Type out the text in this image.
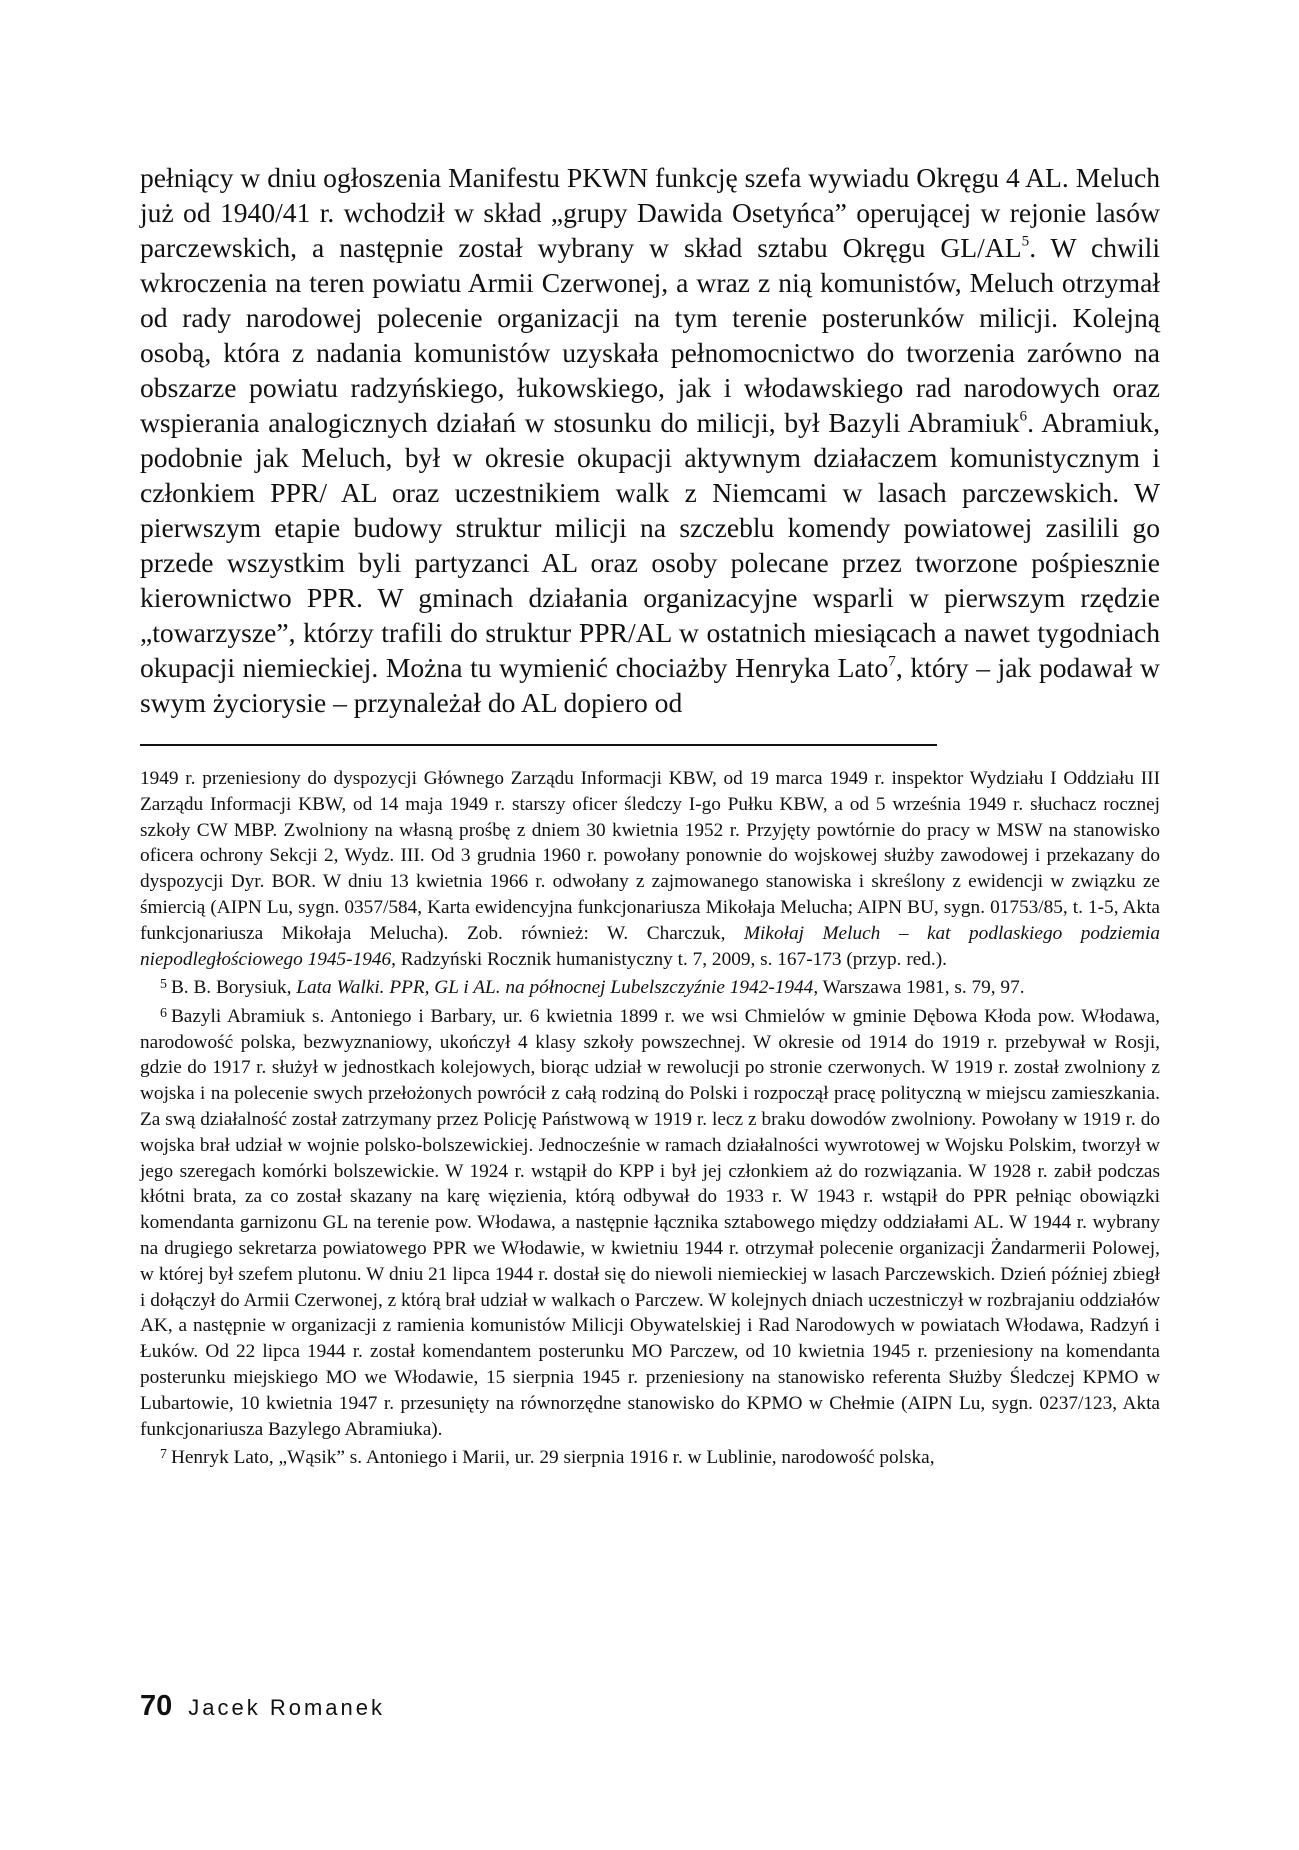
pełniący w dniu ogłoszenia Manifestu PKWN funkcję szefa wywiadu Okręgu 4 AL. Meluch już od 1940/41 r. wchodził w skład „grupy Dawida Osetyńca” operującej w rejonie lasów parczewskich, a następnie został wybrany w skład sztabu Okręgu $GL/AL^5$. W chwili wkroczenia na teren powiatu Armii Czerwonej, a wraz z nią komunistów, Meluch otrzymał od rady narodowej polecenie organizacji na tym terenie posterunków milicji. Kolejną osobą, która z nadania komunistów uzyskała pełnomocnictwo do tworzenia zarówno na obszarze powiatu radzyńskiego, łukowskiego, jak i włodawskiego rad narodowych oraz wspierania analogicznych działań w stosunku do milicji, był Bazyli Abramiuk$^6$. Abramiuk, podobnie jak Meluch, był w okresie okupacji aktywnym działaczem komunistycznym i członkiem PPR/ AL oraz uczestnikiem walk z Niemcami w lasach parczewskich. W pierwszym etapie budowy struktur milicji na szczeblu komendy powiatowej zasilili go przede wszystkim byli partyzanci AL oraz osoby polecane przez tworzone pośpiesznie kierownictwo PPR. W gminach działania organizacyjne wsparli w pierwszym rzędzie „towarzysze”, którzy trafili do struktur PPR/AL w ostatnich miesiącach a nawet tygodniach okupacji niemieckiej. Można tu wymienić chociażby Henryka Lato$^7$, który – jak podawał w swym życiorysie – przynależał do AL dopiero od

1949 r. przeniesiony do dyspozycji Głównego Zarządu Informacji KBW, od 19 marca 1949 r. inspektor Wydziału I Oddziału III Zarządu Informacji KBW, od 14 maja 1949 r. starszy oficer śledczy I-go Pułku KBW, a od 5 września 1949 r. słuchacz rocznej szkoły CW MBP. Zwolniony na własną prośbę z dniem 30 kwietnia 1952 r. Przyjęty powtórnie do pracy w MSW na stanowisko oficera ochrony Sekcji 2, Wydz. III. Od 3 grudnia 1960 r. powołany ponownie do wojskowej służby zawodowej i przekazany do dyspozycji Dyr. BOR. W dniu 13 kwietnia 1966 r. odwołany z zajmowanego stanowiska i skreślony z ewidencji w związku ze śmiercią (AIPN Lu, sygn. 0357/584, Karta ewidencyjna funkcjonariusza Mikołaja Melucha; AIPN BU, sygn. 01753/85, t. 1-5, Akta funkcjonariusza Mikołaja Melucha). Zob. również: W. Charczuk, Mikołaj Meluch – kat podlaskiego podziemia niepodległościowego 1945-1946, Radzyński Rocznik humanistyczny t. 7, 2009, s. 167-173 (przyp. red.).

$^5$ B. B. Borysiuk, Lata Walki. PPR, GL i AL. na północnej Lubelszczyźnie 1942-1944, Warszawa 1981, s. 79, 97.

$^6$ Bazyli Abramiuk s. Antoniego i Barbary, ur. 6 kwietnia 1899 r. we wsi Chmielów w gminie Dębowa Kłoda pow. Włodawa, narodowość polska, bezwyznaniowy, ukończył 4 klasy szkoły powszechnej. W okresie od 1914 do 1919 r. przebywał w Rosji, gdzie do 1917 r. służył w jednostkach kolejowych, biorąc udział w rewolucji po stronie czerwonych. W 1919 r. został zwolniony z wojska i na polecenie swych przełożonych powrócił z całą rodziną do Polski i rozpoczął pracę polityczną w miejscu zamieszkania. Za swą działalność został zatrzymany przez Policję Państwową w 1919 r. lecz z braku dowodów zwolniony. Powołany w 1919 r. do wojska brał udział w wojnie polsko-bolszewickiej. Jednocześnie w ramach działalności wywrotowej w Wojsku Polskim, tworzył w jego szeregach komórki bolszewickie. W 1924 r. wstąpił do KPP i był jej członkiem aż do rozwiązania. W 1928 r. zabił podczas kłótni brata, za co został skazany na karę więzienia, którą odbywał do 1933 r. W 1943 r. wstąpił do PPR pełniąc obowiązki komendanta garnizonu GL na terenie pow. Włodawa, a następnie łącznika sztabowego między oddziałami AL. W 1944 r. wybrany na drugiego sekretarza powiatowego PPR we Włodawie, w kwietniu 1944 r. otrzymał polecenie organizacji Żandarmerii Polowej, w której był szefem plutonu. W dniu 21 lipca 1944 r. dostał się do niewoli niemieckiej w lasach Parczewskich. Dzień później zbiegł i dołączył do Armii Czerwonej, z którą brał udział w walkach o Parczew. W kolejnych dniach uczestniczył w rozbrajaniu oddziałów AK, a następnie w organizacji z ramienia komunistów Milicji Obywatelskiej i Rad Narodowych w powiatach Włodawa, Radzyń i Łuków. Od 22 lipca 1944 r. został komendantem posterunku MO Parczew, od 10 kwietnia 1945 r. przeniesiony na komendanta posterunku miejskiego MO we Włodawie, 15 sierpnia 1945 r. przeniesiony na stanowisko referenta Służby Śledczej KPMO w Lubartowie, 10 kwietnia 1947 r. przesunięty na równorzędne stanowisko do KPMO w Chełmie (AIPN Lu, sygn. 0237/123, Akta funkcjonariusza Bazylego Abramiuka).

$^7$ Henryk Lato, „Wąsik” s. Antoniego i Marii, ur. 29 sierpnia 1916 r. w Lublinie, narodowość polska,

70 Jacek Romanek
